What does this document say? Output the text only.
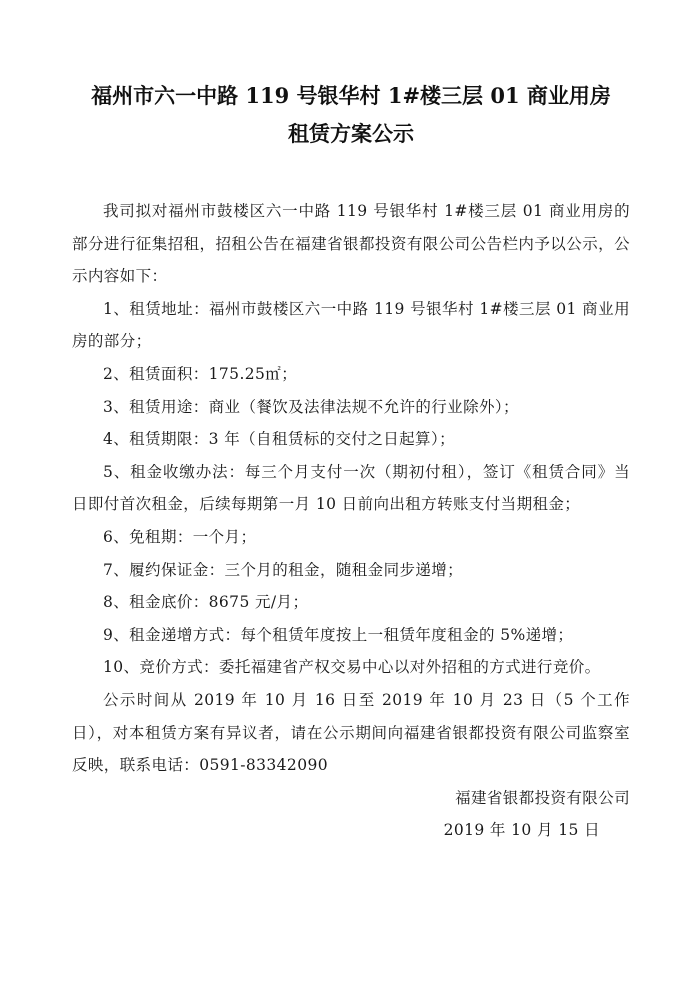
福州市六一中路 119 号银华村 1#楼三层 01 商业用房
租赁方案公示

我司拟对福州市鼓楼区六一中路 119 号银华村 1#楼三层 01 商业用房的部分进行征集招租，招租公告在福建省银都投资有限公司公告栏内予以公示，公示内容如下：

1、租赁地址：福州市鼓楼区六一中路 119 号银华村 1#楼三层 01 商业用房的部分；

2、租赁面积：175.25㎡；

3、租赁用途：商业（餐饮及法律法规不允许的行业除外）；

4、租赁期限：3 年（自租赁标的交付之日起算）；

5、租金收缴办法：每三个月支付一次（期初付租），签订《租赁合同》当日即付首次租金，后续每期第一月 10 日前向出租方转账支付当期租金；

6、免租期：一个月；

7、履约保证金：三个月的租金，随租金同步递增；

8、租金底价：8675 元/月；

9、租金递增方式：每个租赁年度按上一租赁年度租金的 5%递增；

10、竞价方式：委托福建省产权交易中心以对外招租的方式进行竞价。

公示时间从 2019 年 10 月 16 日至 2019 年 10 月 23 日（5 个工作日），对本租赁方案有异议者，请在公示期间向福建省银都投资有限公司监察室反映，联系电话：0591-83342090

福建省银都投资有限公司
2019 年 10 月 15 日
